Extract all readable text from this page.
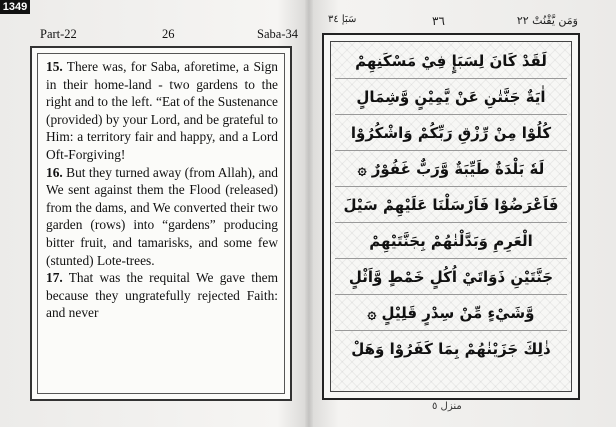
1349
Part-22	26	Saba-34

15. There was, for Saba, aforetime, a Sign in their home-land - two gardens to the right and to the left. “Eat of the Sustenance (provided) by your Lord, and be grateful to Him: a territory fair and happy, and a Lord Oft-Forgiving!

16. But they turned away (from Allah), and We sent against them the Flood (released) from the dams, and We converted their two garden (rows) into “gardens” producing bitter fruit, and tamarisks, and some few (stunted) Lote-trees.

17. That was the requital We gave them because they ungratefully rejected Faith: and never

سَبَإ ٣٤	٣٦	وَمَن يَّقْنُتْ ٢٢
لَقَدْ كَانَ لِسَبَإٍ فِيْ مَسْكَنِهِمْ
اٰيَةٌ جَنَّتٰنِ عَنْ يَّمِيْنٍ وَّشِمَالٍ
كُلُوْا مِنْ رِّزْقِ رَبِّكُمْ وَاشْكُرُوْا
لَهٗ بَلْدَةٌ طَيِّبَةٌ وَّرَبٌّ غَفُوْرٌ ۞
فَاَعْرَضُوْا فَاَرْسَلْنَا عَلَيْهِمْ سَيْلَ
الْعَرِمِ وَبَدَّلْنٰهُمْ بِجَنَّتَيْهِمْ
جَنَّتَيْنِ ذَوَاتَيْ اُكُلٍ خَمْطٍ وَّاَثْلٍ
وَّشَيْءٍ مِّنْ سِدْرٍ قَلِيْلٍ ۞
ذٰلِكَ جَزَيْنٰهُمْ بِمَا كَفَرُوْا وَهَلْ
منزل ٥
